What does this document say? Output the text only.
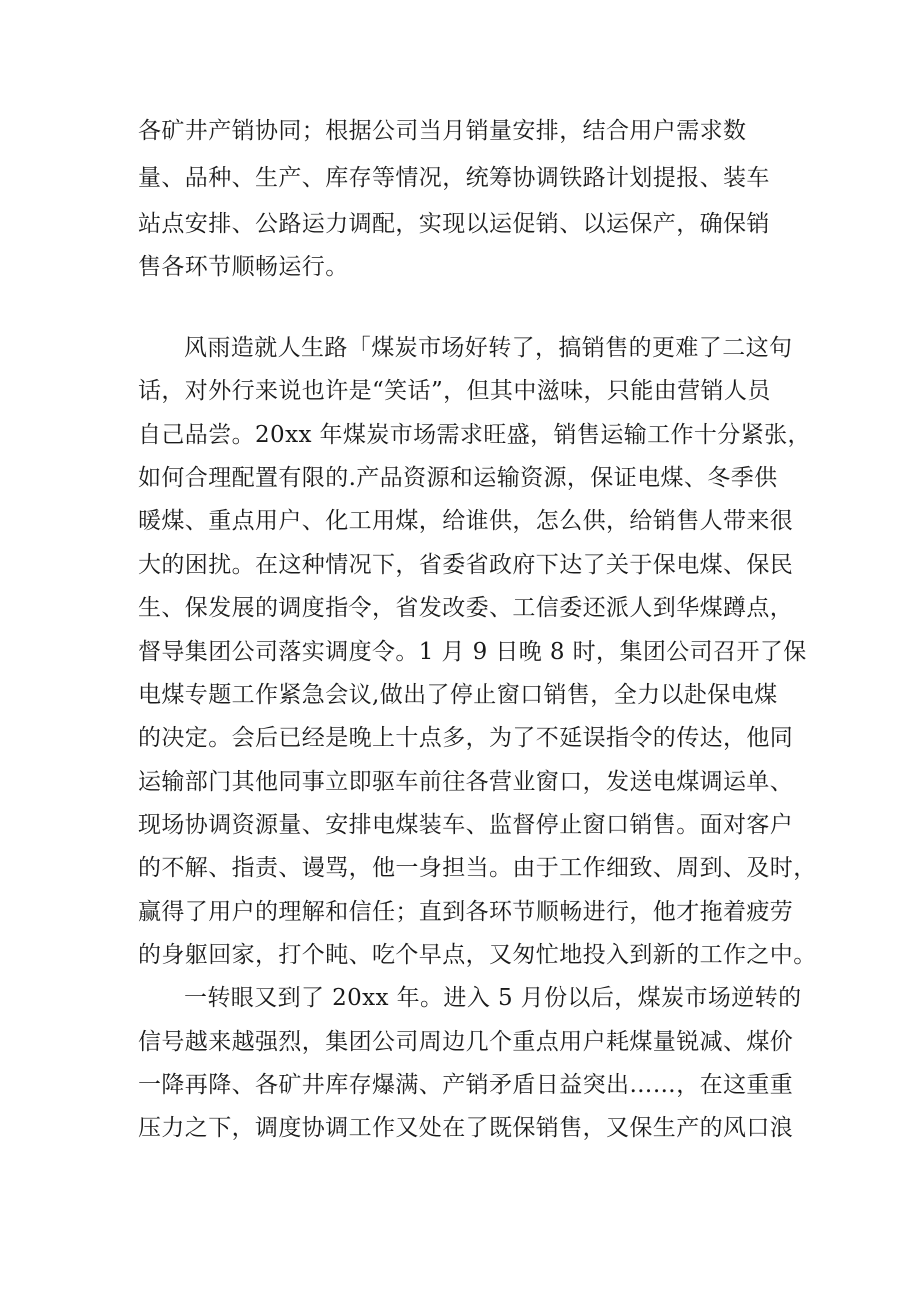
各矿井产销协同；根据公司当月销量安排，结合用户需求数

量、品种、生产、库存等情况，统筹协调铁路计划提报、装车

站点安排、公路运力调配，实现以运促销、以运保产，确保销

售各环节顺畅运行。

风雨造就人生路「煤炭市场好转了，搞销售的更难了二这句

话，对外行来说也许是“笑话”，但其中滋味，只能由营销人员

自己品尝。20xx 年煤炭市场需求旺盛，销售运输工作十分紧张，

如何合理配置有限的.产品资源和运输资源，保证电煤、冬季供

暖煤、重点用户、化工用煤，给谁供，怎么供，给销售人带来很

大的困扰。在这种情况下，省委省政府下达了关于保电煤、保民

生、保发展的调度指令，省发改委、工信委还派人到华煤蹲点，

督导集团公司落实调度令。1 月 9 日晚 8 时，集团公司召开了保

电煤专题工作紧急会议,做出了停止窗口销售，全力以赴保电煤

的决定。会后已经是晚上十点多，为了不延误指令的传达，他同

运输部门其他同事立即驱车前往各营业窗口，发送电煤调运单、

现场协调资源量、安排电煤装车、监督停止窗口销售。面对客户

的不解、指责、谩骂，他一身担当。由于工作细致、周到、及时，

赢得了用户的理解和信任；直到各环节顺畅进行，他才拖着疲劳

的身躯回家，打个盹、吃个早点，又匆忙地投入到新的工作之中。

一转眼又到了 20xx 年。进入 5 月份以后，煤炭市场逆转的

信号越来越强烈，集团公司周边几个重点用户耗煤量锐减、煤价

一降再降、各矿井库存爆满、产销矛盾日益突出……，在这重重

压力之下，调度协调工作又处在了既保销售，又保生产的风口浪
